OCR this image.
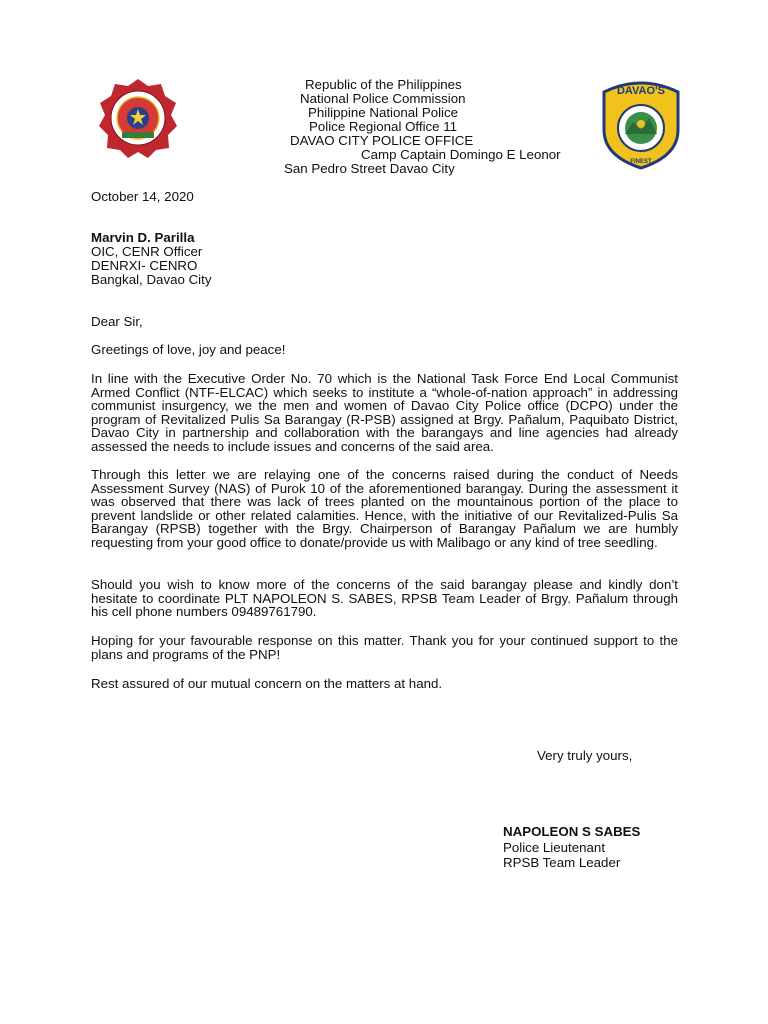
DAVAO'S
FINEST
Republic of the Philippines
National Police Commission
Philippine National Police
Police Regional Office 11
DAVAO CITY POLICE OFFICE
Camp Captain Domingo E Leonor
San Pedro Street Davao City
October 14, 2020
Marvin D. Parilla
OIC, CENR Officer
DENRXI- CENRO
Bangkal, Davao City
Dear Sir,
Greetings of love, joy and peace!
In line with the Executive Order No. 70 which is the National Task Force End Local Communist Armed Conflict (NTF-ELCAC) which seeks to institute a “whole-of-nation approach” in addressing communist insurgency, we the men and women of Davao City Police office (DCPO) under the program of Revitalized Pulis Sa Barangay (R-PSB) assigned at Brgy. Pañalum, Paquibato District, Davao City in partnership and collaboration with the barangays and line agencies had already assessed the needs to include issues and concerns of the said area.
Through this letter we are relaying one of the concerns raised during the conduct of Needs Assessment Survey (NAS) of Purok 10 of the aforementioned barangay. During the assessment it was observed that there was lack of trees planted on the mountainous portion of the place to prevent landslide or other related calamities. Hence, with the initiative of our Revitalized-Pulis Sa Barangay (RPSB) together with the Brgy. Chairperson of Barangay Pañalum we are humbly requesting from your good office to donate/provide us with Malibago or any kind of tree seedling.
Should you wish to know more of the concerns of the said barangay please and kindly don’t hesitate to coordinate PLT NAPOLEON S. SABES, RPSB Team Leader of Brgy. Pañalum through his cell phone numbers 09489761790.
Hoping for your favourable response on this matter. Thank you for your continued support to the plans and programs of the PNP!
Rest assured of our mutual concern on the matters at hand.
Very truly yours,
NAPOLEON S SABES
Police Lieutenant
RPSB Team Leader
